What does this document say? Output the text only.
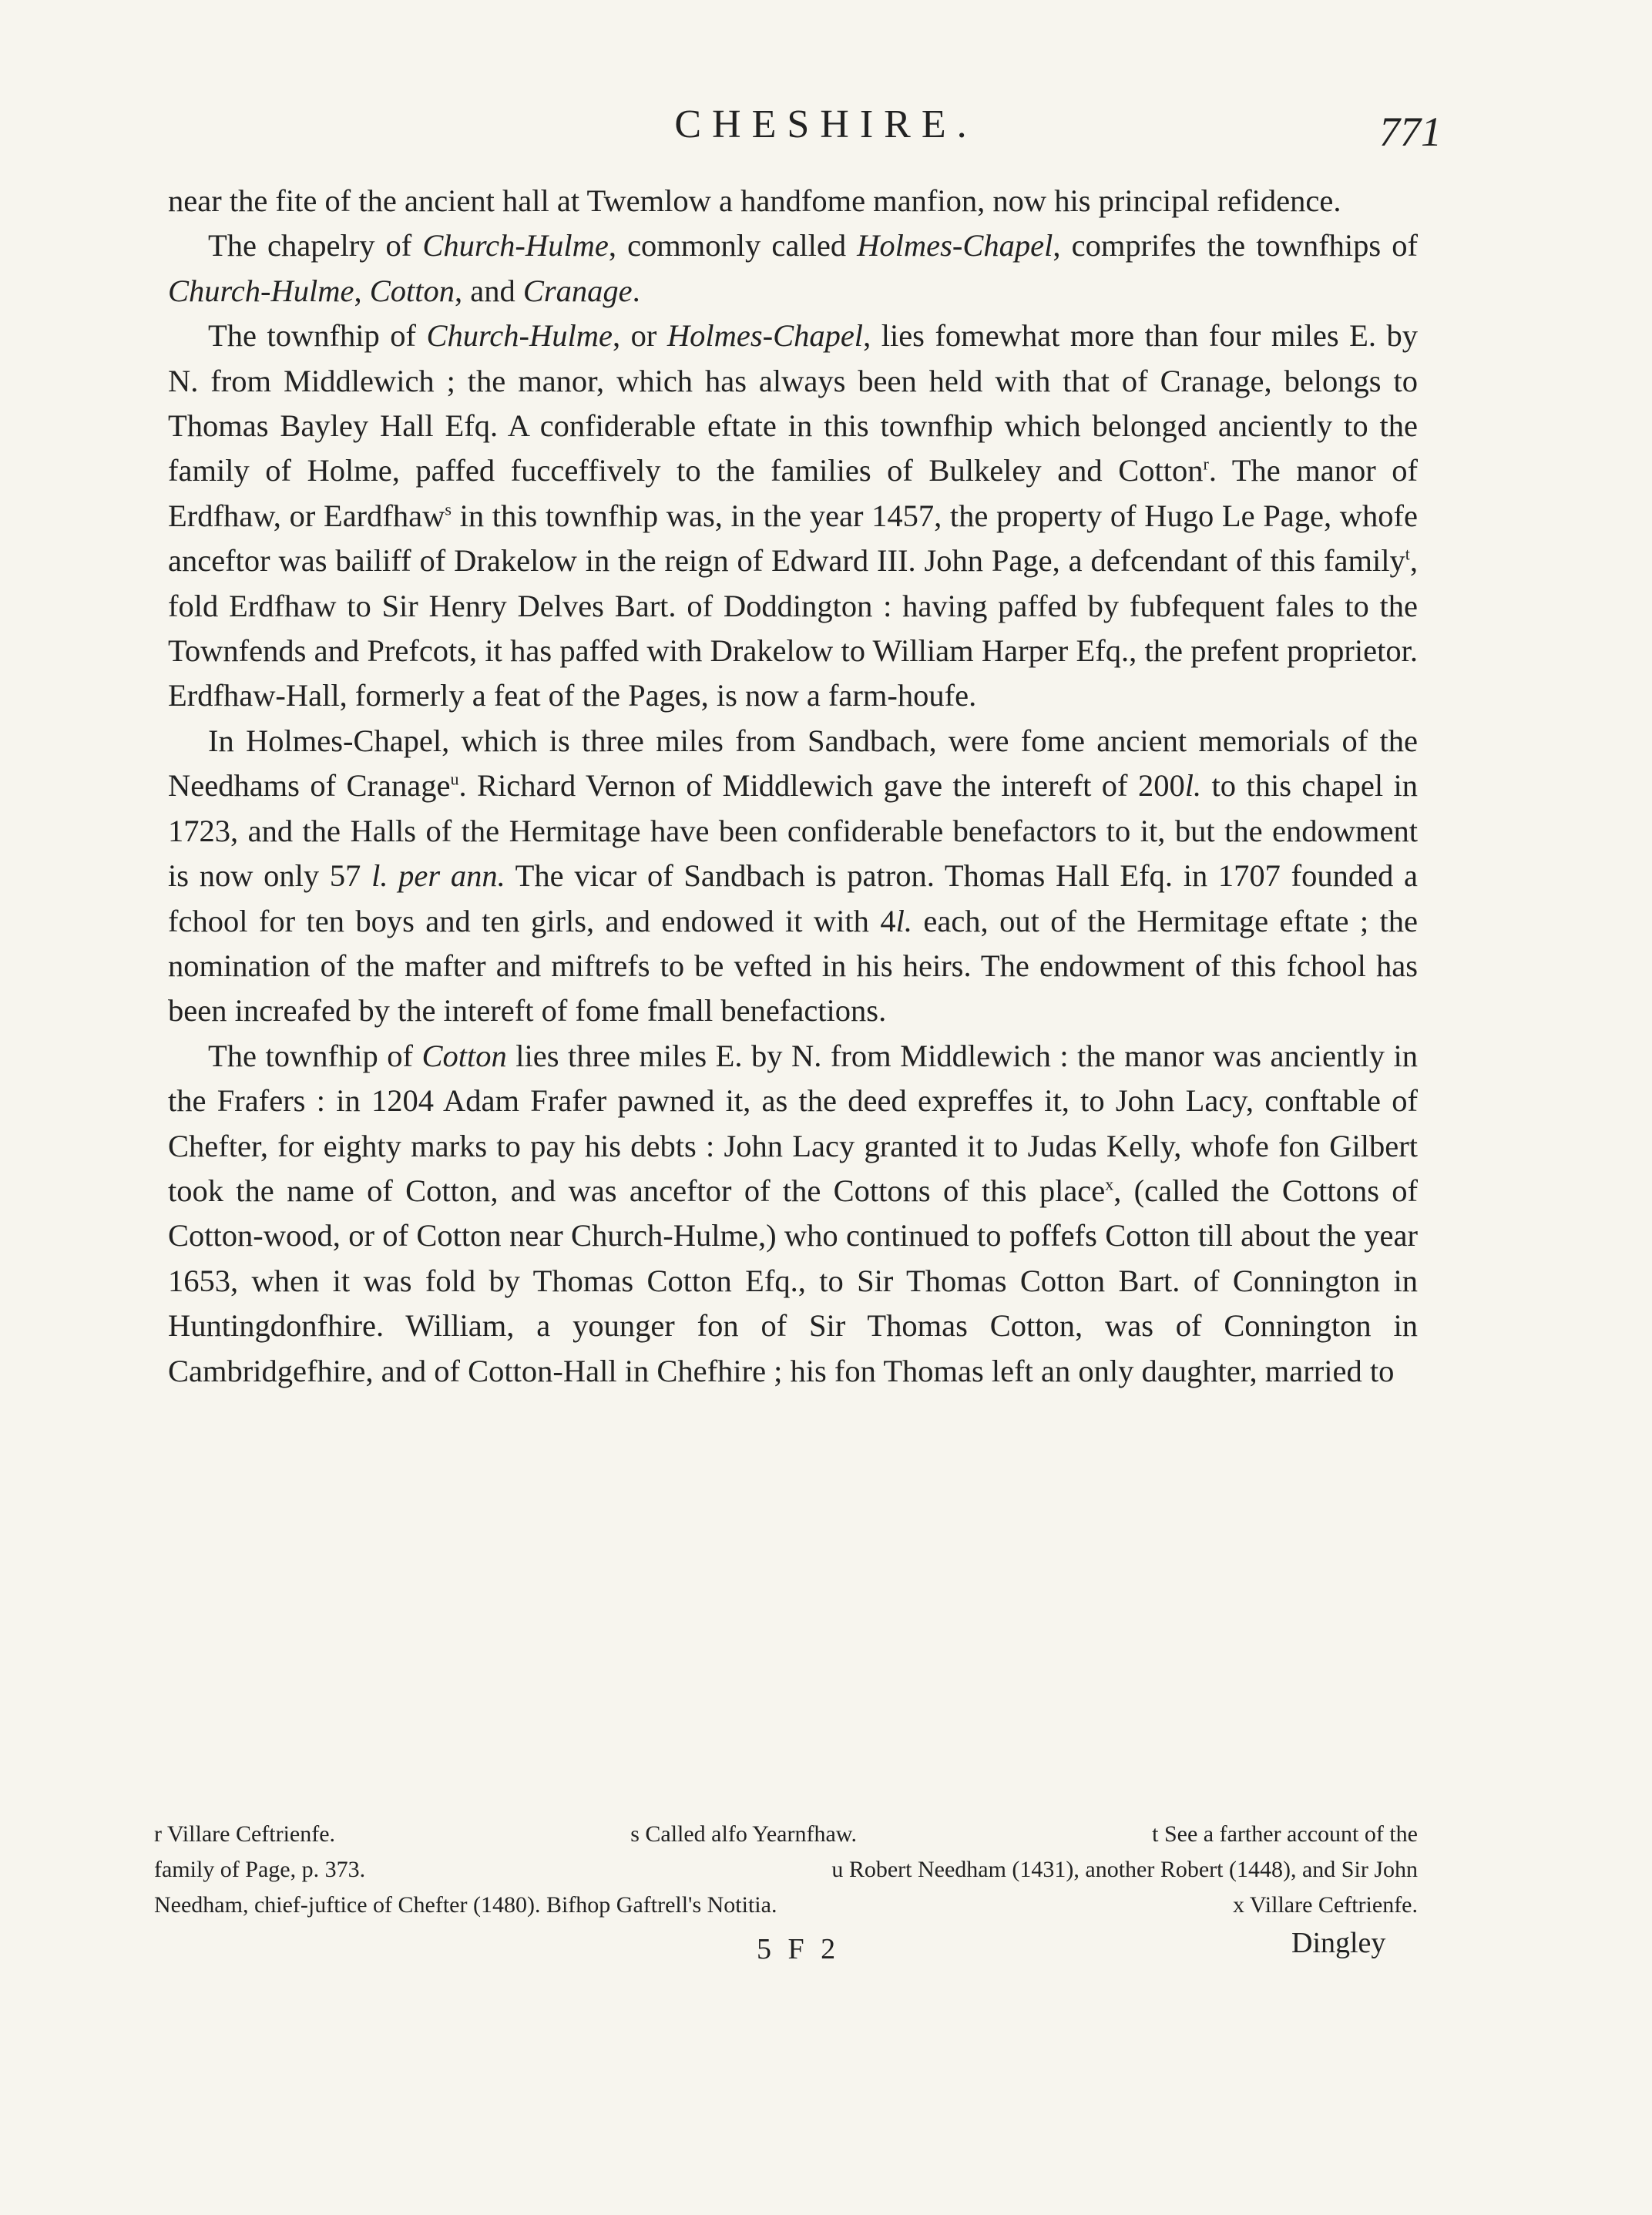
CHESHIRE.	771

near the fite of the ancient hall at Twemlow a handfome manfion, now his principal refidence.

The chapelry of Church-Hulme, commonly called Holmes-Chapel, comprifes the townfhips of Church-Hulme, Cotton, and Cranage.

The townfhip of Church-Hulme, or Holmes-Chapel, lies fomewhat more than four miles E. by N. from Middlewich ; the manor, which has always been held with that of Cranage, belongs to Thomas Bayley Hall Efq. A confiderable eftate in this townfhip which belonged anciently to the family of Holme, paffed fucceffively to the families of Bulkeley and Cotton$^r$. The manor of Erdfhaw, or Eardfhaw$^s$ in this townfhip was, in the year 1457, the property of Hugo Le Page, whofe anceftor was bailiff of Drakelow in the reign of Edward III. John Page, a defcendant of this family$^t$, fold Erdfhaw to Sir Henry Delves Bart. of Doddington : having paffed by fubfequent fales to the Townfends and Prefcots, it has paffed with Drakelow to William Harper Efq., the prefent proprietor. Erdfhaw-Hall, formerly a feat of the Pages, is now a farm-houfe.

In Holmes-Chapel, which is three miles from Sandbach, were fome ancient memorials of the Needhams of Cranage$^u$. Richard Vernon of Middlewich gave the intereft of 200l. to this chapel in 1723, and the Halls of the Hermitage have been confiderable benefactors to it, but the endowment is now only 57 l. per ann. The vicar of Sandbach is patron. Thomas Hall Efq. in 1707 founded a fchool for ten boys and ten girls, and endowed it with 4l. each, out of the Hermitage eftate ; the nomination of the mafter and miftrefs to be vefted in his heirs. The endowment of this fchool has been increafed by the intereft of fome fmall benefactions.

The townfhip of Cotton lies three miles E. by N. from Middlewich : the manor was anciently in the Frafers : in 1204 Adam Frafer pawned it, as the deed expreffes it, to John Lacy, conftable of Chefter, for eighty marks to pay his debts : John Lacy granted it to Judas Kelly, whofe fon Gilbert took the name of Cotton, and was anceftor of the Cottons of this place$^x$, (called the Cottons of Cotton-wood, or of Cotton near Church-Hulme,) who continued to poffefs Cotton till about the year 1653, when it was fold by Thomas Cotton Efq., to Sir Thomas Cotton Bart. of Connington in Huntingdonfhire. William, a younger fon of Sir Thomas Cotton, was of Connington in Cambridgefhire, and of Cotton-Hall in Chefhire ; his fon Thomas left an only daughter, married to

r Villare Ceftrienfe.	s Called alfo Yearnfhaw.	t See a farther account of the
family of Page, p. 373.	u Robert Needham (1431), another Robert (1448), and Sir John
Needham, chief-juftice of Chefter (1480). Bifhop Gaftrell's Notitia.	x Villare Ceftrienfe.
5 F 2	Dingley
